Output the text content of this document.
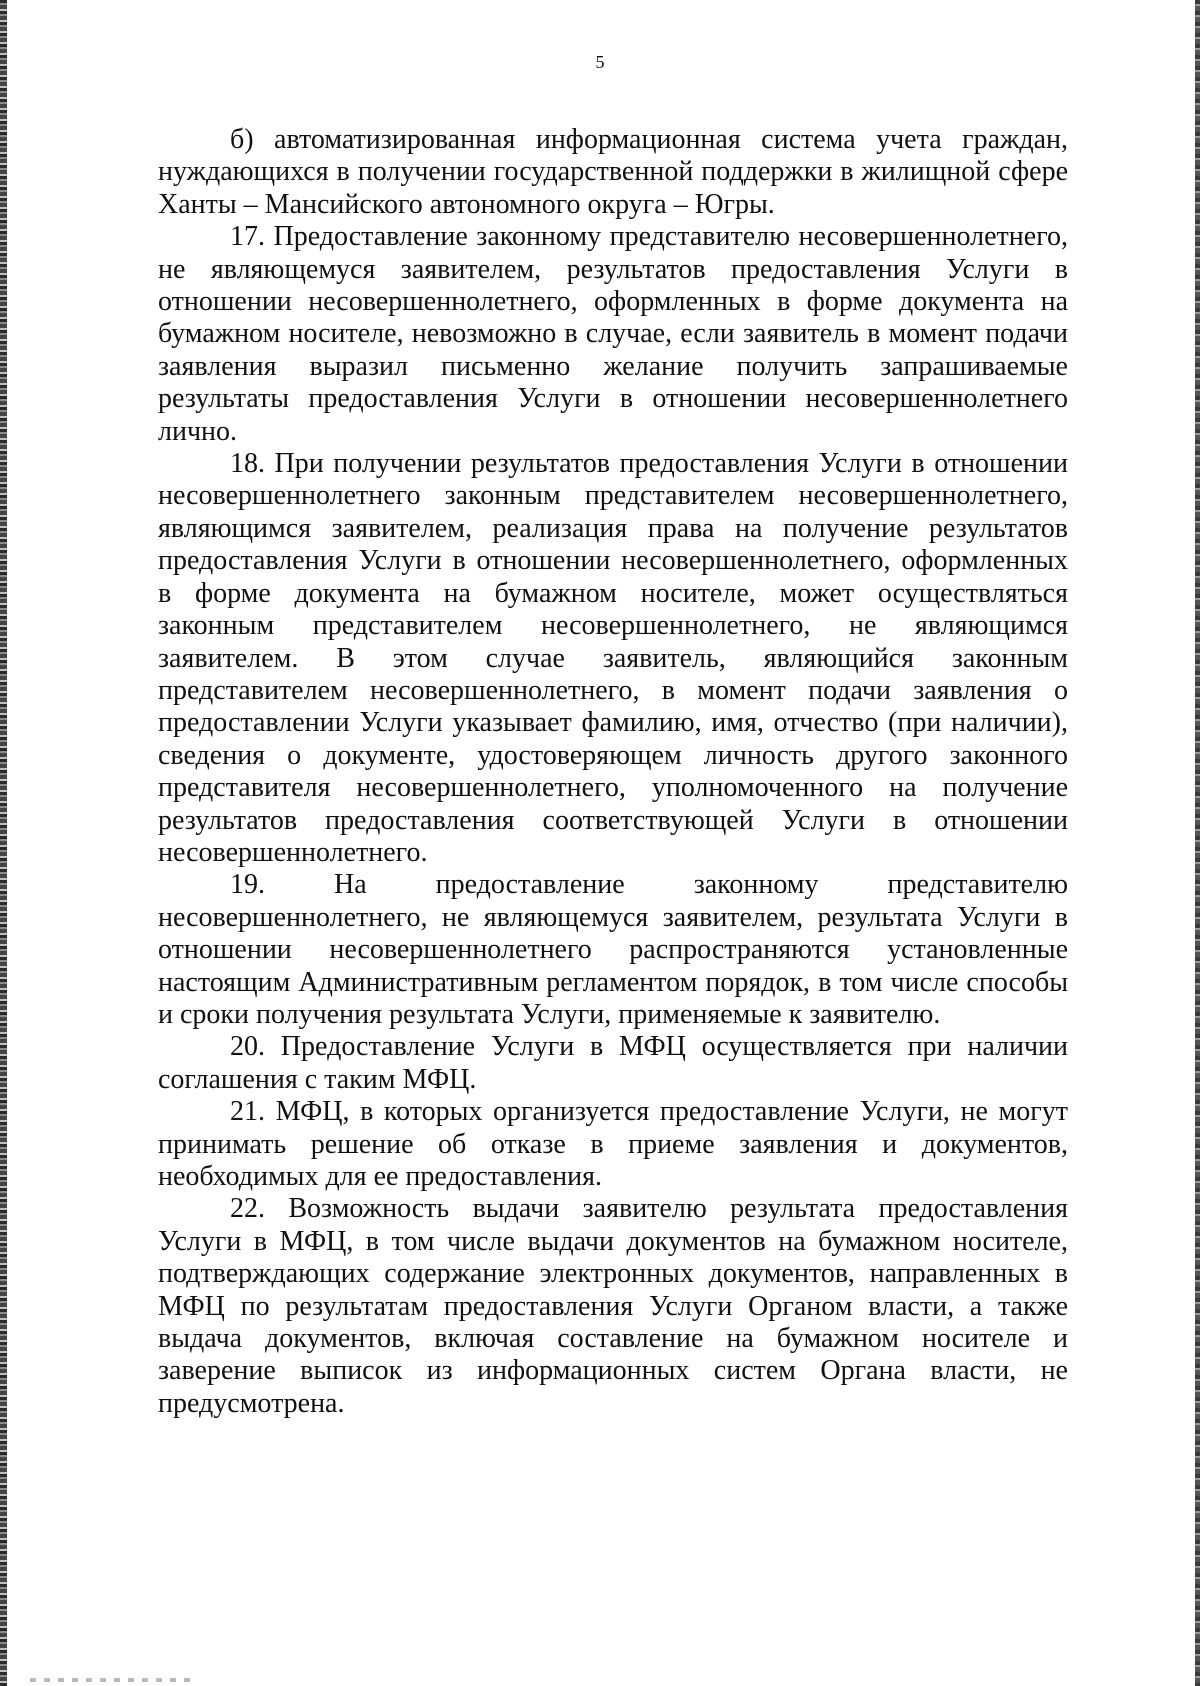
5

б) автоматизированная информационная система учета граждан, нуждающихся в получении государственной поддержки в жилищной сфере Ханты – Мансийского автономного округа – Югры.

17. Предоставление законному представителю несовершеннолетнего, не являющемуся заявителем, результатов предоставления Услуги в отношении несовершеннолетнего, оформленных в форме документа на бумажном носителе, невозможно в случае, если заявитель в момент подачи заявления выразил письменно желание получить запрашиваемые результаты предоставления Услуги в отношении несовершеннолетнего лично.

18. При получении результатов предоставления Услуги в отношении несовершеннолетнего законным представителем несовершеннолетнего, являющимся заявителем, реализация права на получение результатов предоставления Услуги в отношении несовершеннолетнего, оформленных в форме документа на бумажном носителе, может осуществляться законным представителем несовершеннолетнего, не являющимся заявителем. В этом случае заявитель, являющийся законным представителем несовершеннолетнего, в момент подачи заявления о предоставлении Услуги указывает фамилию, имя, отчество (при наличии), сведения о документе, удостоверяющем личность другого законного представителя несовершеннолетнего, уполномоченного на получение результатов предоставления соответствующей Услуги в отношении несовершеннолетнего.

19. На предоставление законному представителю несовершеннолетнего, не являющемуся заявителем, результата Услуги в отношении несовершеннолетнего распространяются установленные настоящим Административным регламентом порядок, в том числе способы и сроки получения результата Услуги, применяемые к заявителю.

20. Предоставление Услуги в МФЦ осуществляется при наличии соглашения с таким МФЦ.

21. МФЦ, в которых организуется предоставление Услуги, не могут принимать решение об отказе в приеме заявления и документов, необходимых для ее предоставления.

22. Возможность выдачи заявителю результата предоставления Услуги в МФЦ, в том числе выдачи документов на бумажном носителе, подтверждающих содержание электронных документов, направленных в МФЦ по результатам предоставления Услуги Органом власти, а также выдача документов, включая составление на бумажном носителе и заверение выписок из информационных систем Органа власти, не предусмотрена.
